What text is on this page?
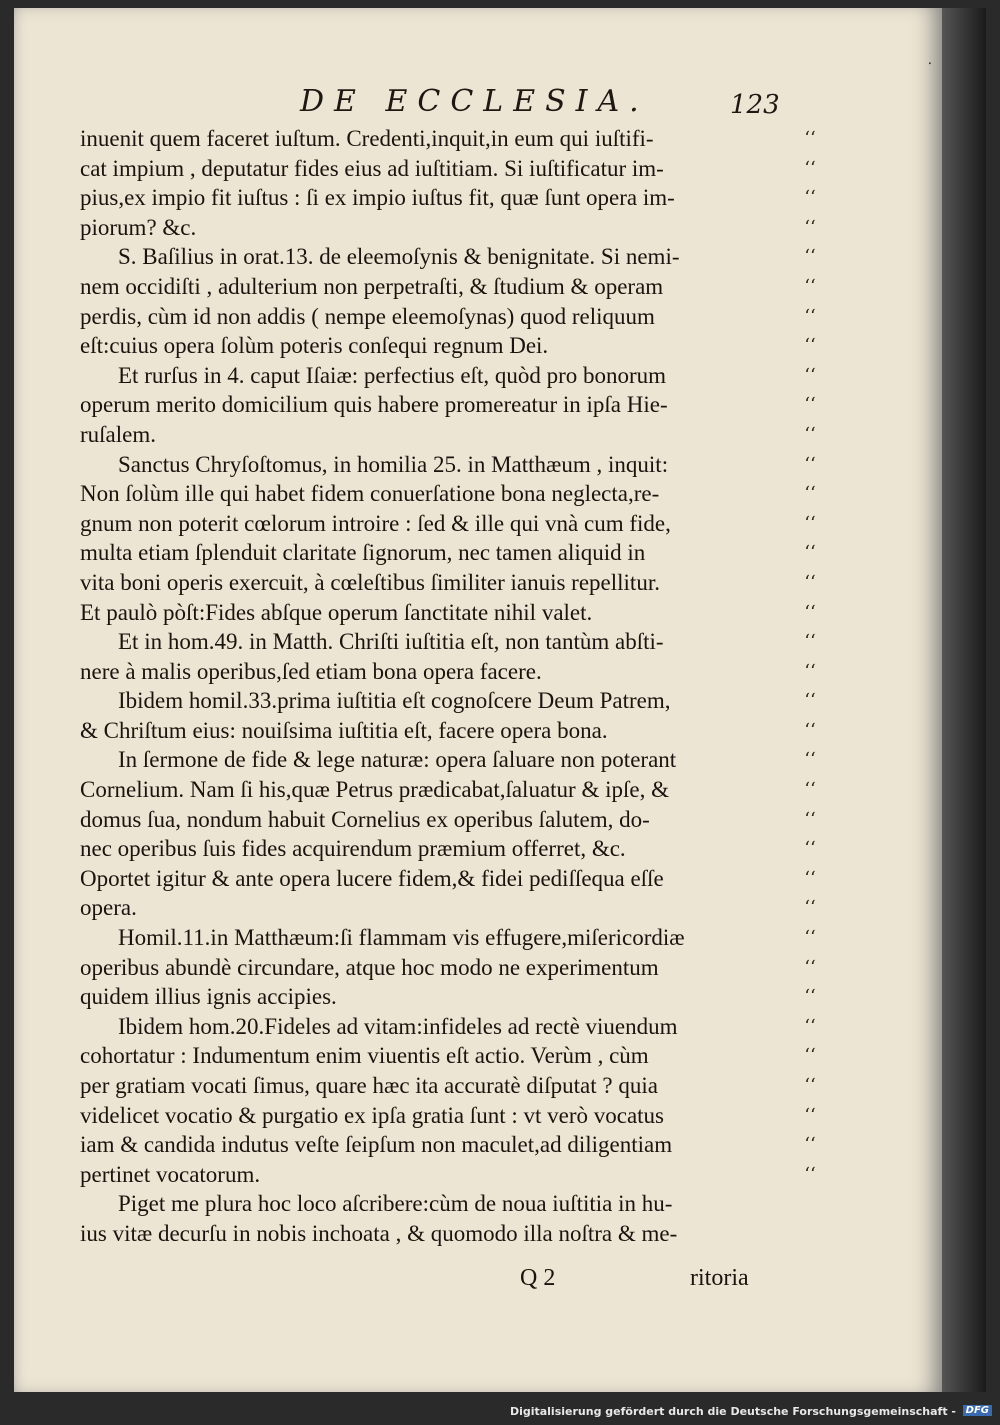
⸱
DE ECCLESIA.	123
inuenit quem faceret iuſtum. Credenti,inquit,in eum qui iuſtifi-
cat impium , deputatur fides eius ad iuſtitiam. Si iuſtificatur im-
pius,ex impio fit iuſtus : ſi ex impio iuſtus fit, quæ ſunt opera im-
piorum? &c.
S. Baſilius in orat.13. de eleemoſynis & benignitate. Si nemi-
nem occidiſti , adulterium non perpetraſti, & ſtudium & operam
perdis, cùm id non addis ( nempe eleemoſynas) quod reliquum
eſt:cuius opera ſolùm poteris conſequi regnum Dei.
Et rurſus in 4. caput Iſaiæ: perfectius eſt, quòd pro bonorum
operum merito domicilium quis habere promereatur in ipſa Hie-
ruſalem.
Sanctus Chryſoſtomus, in homilia 25. in Matthæum , inquit:
Non ſolùm ille qui habet fidem conuerſatione bona neglecta,re-
gnum non poterit cœlorum introire : ſed & ille qui vnà cum fide,
multa etiam ſplenduit claritate ſignorum, nec tamen aliquid in
vita boni operis exercuit, à cœleſtibus ſimiliter ianuis repellitur.
Et paulò pòſt:Fides abſque operum ſanctitate nihil valet.
Et in hom.49. in Matth. Chriſti iuſtitia eſt, non tantùm abſti-
nere à malis operibus,ſed etiam bona opera facere.
Ibidem homil.33.prima iuſtitia eſt cognoſcere Deum Patrem,
& Chriſtum eius: nouiſsima iuſtitia eſt, facere opera bona.
In ſermone de fide & lege naturæ: opera ſaluare non poterant
Cornelium. Nam ſi his,quæ Petrus prædicabat,ſaluatur & ipſe, &
domus ſua, nondum habuit Cornelius ex operibus ſalutem, do-
nec operibus ſuis fides acquirendum præmium offerret, &c.
Oportet igitur & ante opera lucere fidem,& fidei pediſſequa eſſe
opera.
Homil.11.in Matthæum:ſi flammam vis effugere,miſericordiæ
operibus abundè circundare, atque hoc modo ne experimentum
quidem illius ignis accipies.
Ibidem hom.20.Fideles ad vitam:infideles ad rectè viuendum
cohortatur : Indumentum enim viuentis eſt actio. Verùm , cùm
per gratiam vocati ſimus, quare hæc ita accuratè diſputat ? quia
videlicet vocatio & purgatio ex ipſa gratia ſunt : vt verò vocatus
iam & candida indutus veſte ſeipſum non maculet,ad diligentiam
pertinet vocatorum.
Piget me plura hoc loco aſcribere:cùm de noua iuſtitia in hu-
ius vitæ decurſu in nobis inchoata , & quomodo illa noſtra & me-
‘‘
‘‘
‘‘
‘‘
‘‘
‘‘
‘‘
‘‘
‘‘
‘‘
‘‘
‘‘
‘‘
‘‘
‘‘
‘‘
‘‘
‘‘
‘‘
‘‘
‘‘
‘‘
‘‘
‘‘
‘‘
‘‘
‘‘
‘‘
‘‘
‘‘
‘‘
‘‘
‘‘
‘‘
‘‘
‘‘
Q 2	ritoria
Digitalisierung gefördert durch die Deutsche Forschungsgemeinschaft - DFG
